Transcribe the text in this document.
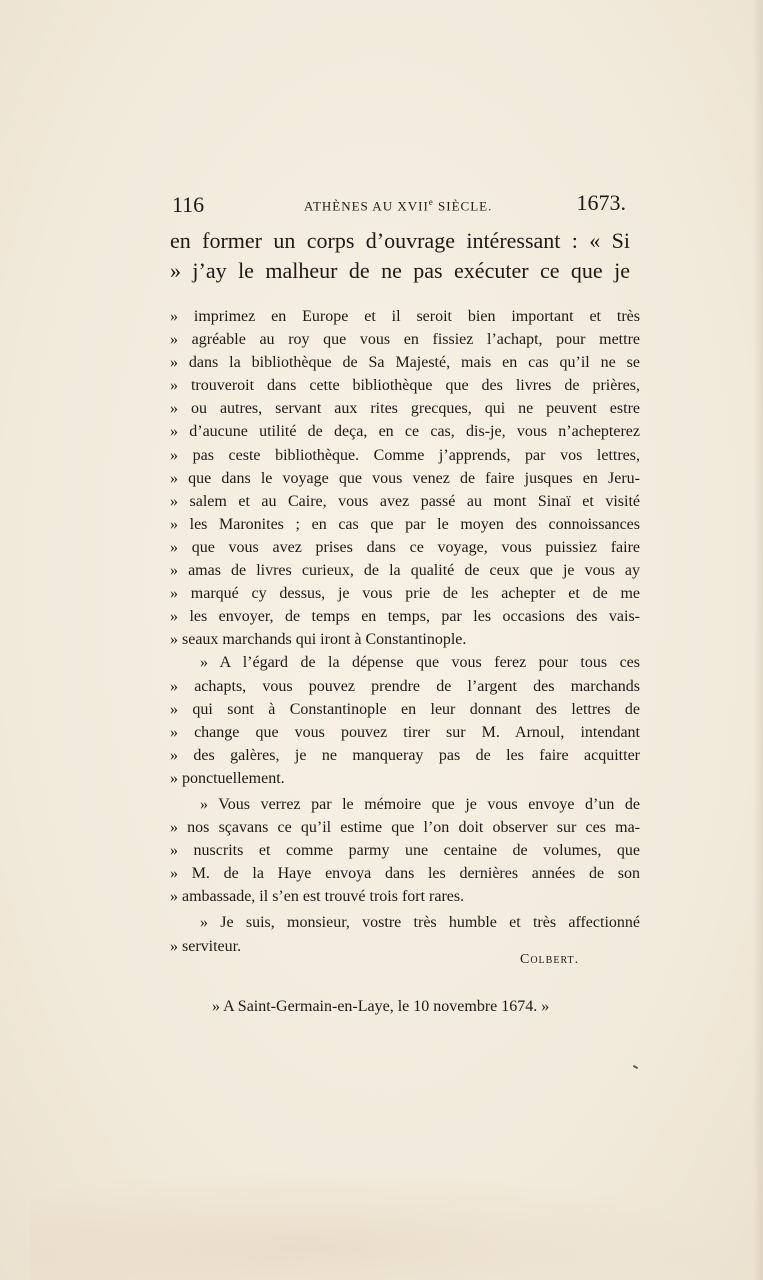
116	ATHÈNES AU XVIIe SIÈCLE.	1673.
en former un corps d’ouvrage intéressant : « Si
» j’ay le malheur de ne pas exécuter ce que je
» imprimez en Europe et il seroit bien important et très
» agréable au roy que vous en fissiez l’achapt, pour mettre
» dans la bibliothèque de Sa Majesté, mais en cas qu’il ne se
» trouveroit dans cette bibliothèque que des livres de prières,
» ou autres, servant aux rites grecques, qui ne peuvent estre
» d’aucune utilité de deça, en ce cas, dis-je, vous n’achepterez
» pas ceste bibliothèque. Comme j’apprends, par vos lettres,
» que dans le voyage que vous venez de faire jusques en Jeru-
» salem et au Caire, vous avez passé au mont Sinaï et visité
» les Maronites ; en cas que par le moyen des connoissances
» que vous avez prises dans ce voyage, vous puissiez faire
» amas de livres curieux, de la qualité de ceux que je vous ay
» marqué cy dessus, je vous prie de les achepter et de me
» les envoyer, de temps en temps, par les occasions des vais-
» seaux marchands qui iront à Constantinople.
» A l’égard de la dépense que vous ferez pour tous ces
» achapts, vous pouvez prendre de l’argent des marchands
» qui sont à Constantinople en leur donnant des lettres de
» change que vous pouvez tirer sur M. Arnoul, intendant
» des galères, je ne manqueray pas de les faire acquitter
» ponctuellement.
» Vous verrez par le mémoire que je vous envoye d’un de
» nos sçavans ce qu’il estime que l’on doit observer sur ces ma-
» nuscrits et comme parmy une centaine de volumes, que
» M. de la Haye envoya dans les dernières années de son
» ambassade, il s’en est trouvé trois fort rares.
» Je suis, monsieur, vostre très humble et très affectionné
» serviteur.
Colbert.
» A Saint-Germain-en-Laye, le 10 novembre 1674. »
